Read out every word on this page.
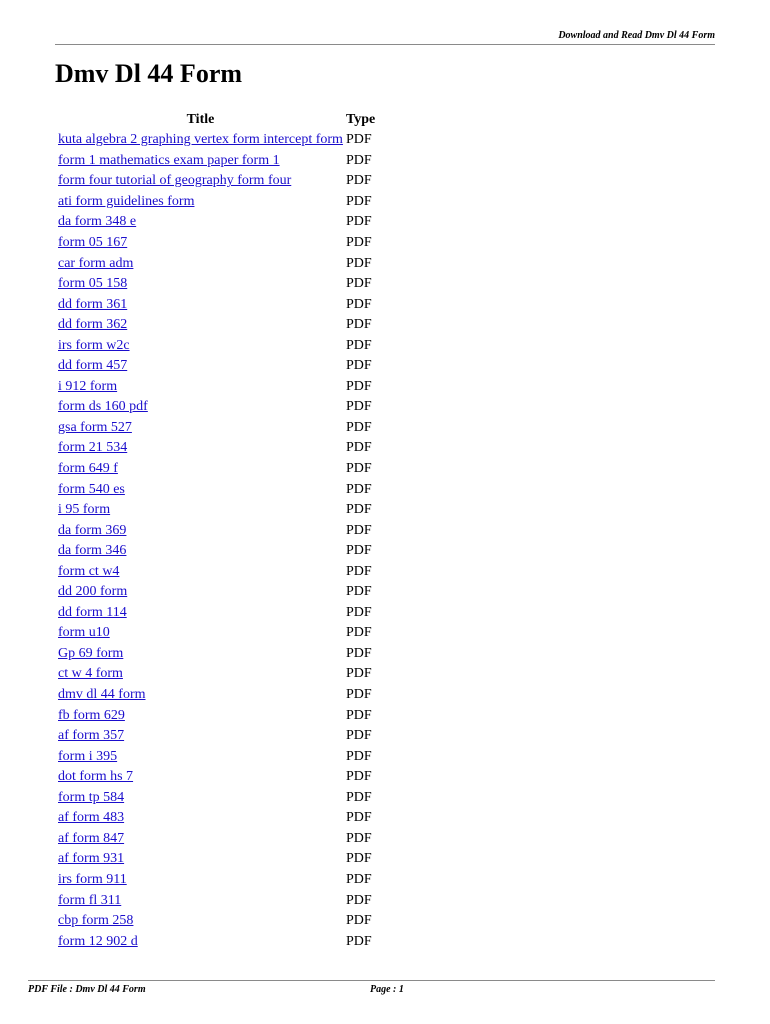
Download and Read Dmv Dl 44 Form
Dmv Dl 44 Form
Title	Type
kuta algebra 2 graphing vertex form intercept form	PDF
form 1 mathematics exam paper form 1	PDF
form four tutorial of geography form four	PDF
ati form guidelines form	PDF
da form 348 e	PDF
form 05 167	PDF
car form adm	PDF
form 05 158	PDF
dd form 361	PDF
dd form 362	PDF
irs form w2c	PDF
dd form 457	PDF
i 912 form	PDF
form ds 160 pdf	PDF
gsa form 527	PDF
form 21 534	PDF
form 649 f	PDF
form 540 es	PDF
i 95 form	PDF
da form 369	PDF
da form 346	PDF
form ct w4	PDF
dd 200 form	PDF
dd form 114	PDF
form u10	PDF
Gp 69 form	PDF
ct w 4 form	PDF
dmv dl 44 form	PDF
fb form 629	PDF
af form 357	PDF
form i 395	PDF
dot form hs 7	PDF
form tp 584	PDF
af form 483	PDF
af form 847	PDF
af form 931	PDF
irs form 911	PDF
form fl 311	PDF
cbp form 258	PDF
form 12 902 d	PDF
PDF File : Dmv Dl 44 Form	Page : 1
